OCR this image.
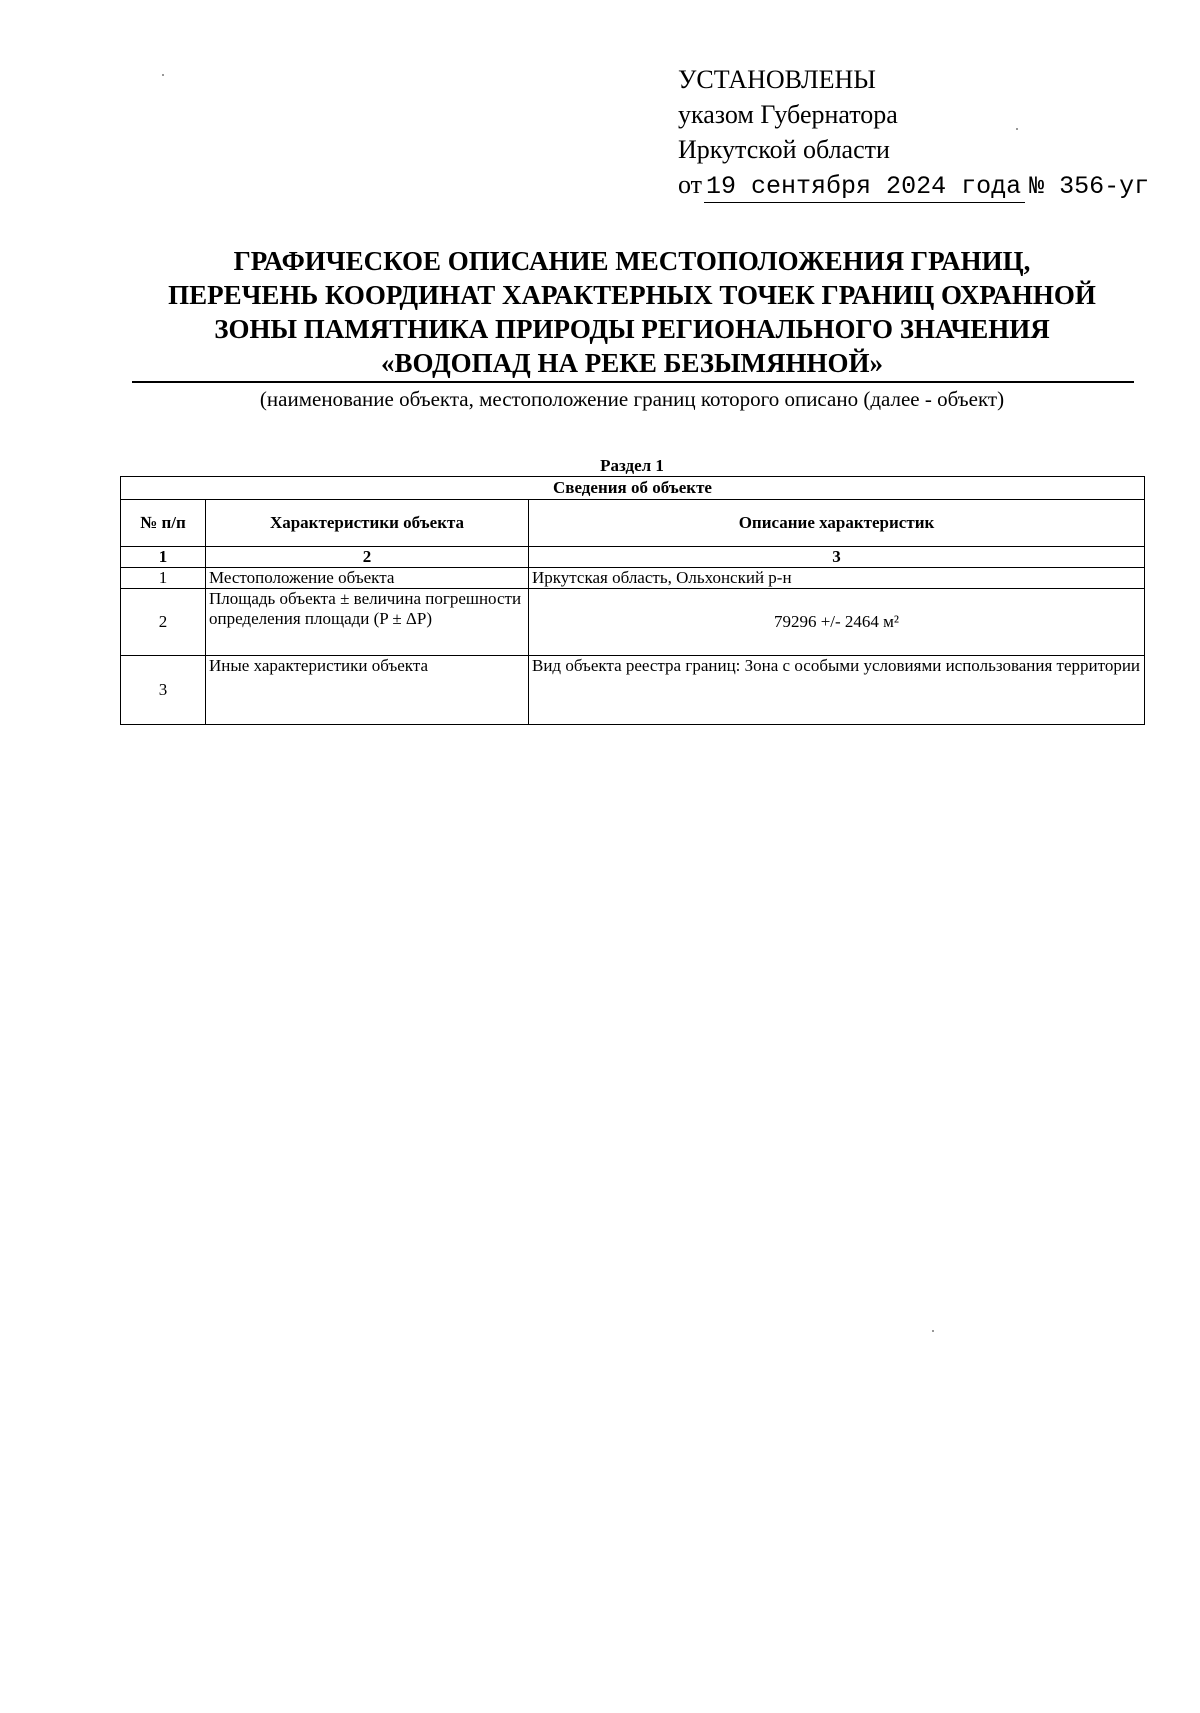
УСТАНОВЛЕНЫ
указом Губернатора
Иркутской области
от 19 сентября 2024 года № 356-уг
ГРАФИЧЕСКОЕ ОПИСАНИЕ МЕСТОПОЛОЖЕНИЯ ГРАНИЦ,
ПЕРЕЧЕНЬ КООРДИНАТ ХАРАКТЕРНЫХ ТОЧЕК ГРАНИЦ ОХРАННОЙ
ЗОНЫ ПАМЯТНИКА ПРИРОДЫ РЕГИОНАЛЬНОГО ЗНАЧЕНИЯ
«ВОДОПАД НА РЕКЕ БЕЗЫМЯННОЙ»
(наименование объекта, местоположение границ которого описано (далее - объект)
Раздел 1
Сведения об объекте		
№ п/п	Характеристики объекта	Описание характеристик
1	2	3
1	Местоположение объекта	Иркутская область, Ольхонский р-н
2	Площадь объекта ± величина погрешности определения площади (P ± ΔP)	79296 +/- 2464 м²
3	Иные характеристики объекта	Вид объекта реестра границ: Зона с особыми условиями использования территории
